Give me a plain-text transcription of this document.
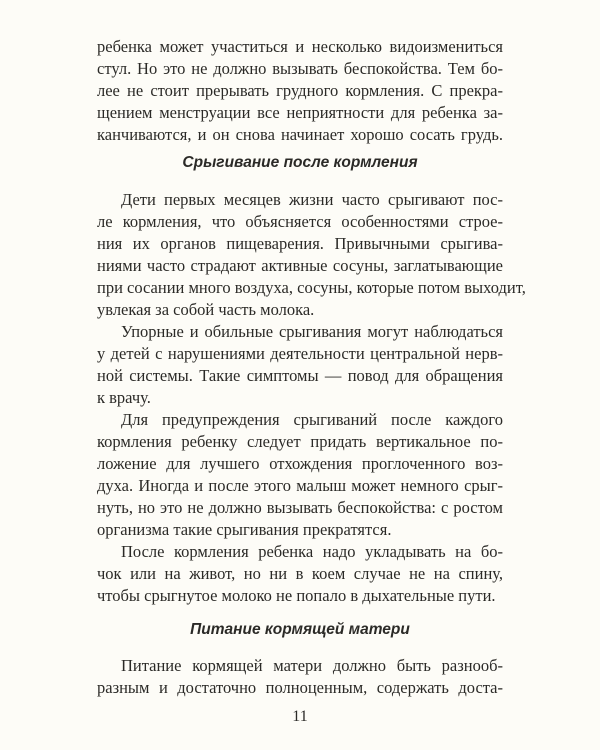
ребенка может участиться и несколько видоизмениться
стул. Но это не должно вызывать беспокойства. Тем бо-
лее не стоит прерывать грудного кормления. С прекра-
щением менструации все неприятности для ребенка за-
канчиваются, и он снова начинает хорошо сосать грудь.
Срыгивание после кормления
Дети первых месяцев жизни часто срыгивают пос-
ле кормления, что объясняется особенностями строе-
ния их органов пищеварения. Привычными срыгива-
ниями часто страдают активные сосуны, заглатывающие
при сосании много воздуха, сосуны, которые потом выходит,
увлекая за собой часть молока.
Упорные и обильные срыгивания могут наблюдаться
у детей с нарушениями деятельности центральной нерв-
ной системы. Такие симптомы — повод для обращения
к врачу.
Для предупреждения срыгиваний после каждого
кормления ребенку следует придать вертикальное по-
ложение для лучшего отхождения проглоченного воз-
духа. Иногда и после этого малыш может немного срыг-
нуть, но это не должно вызывать беспокойства: с ростом
организма такие срыгивания прекратятся.
После кормления ребенка надо укладывать на бо-
чок или на живот, но ни в коем случае не на спину,
чтобы срыгнутое молоко не попало в дыхательные пути.
Питание кормящей матери
Питание кормящей матери должно быть разнооб-
разным и достаточно полноценным, содержать доста-
11
